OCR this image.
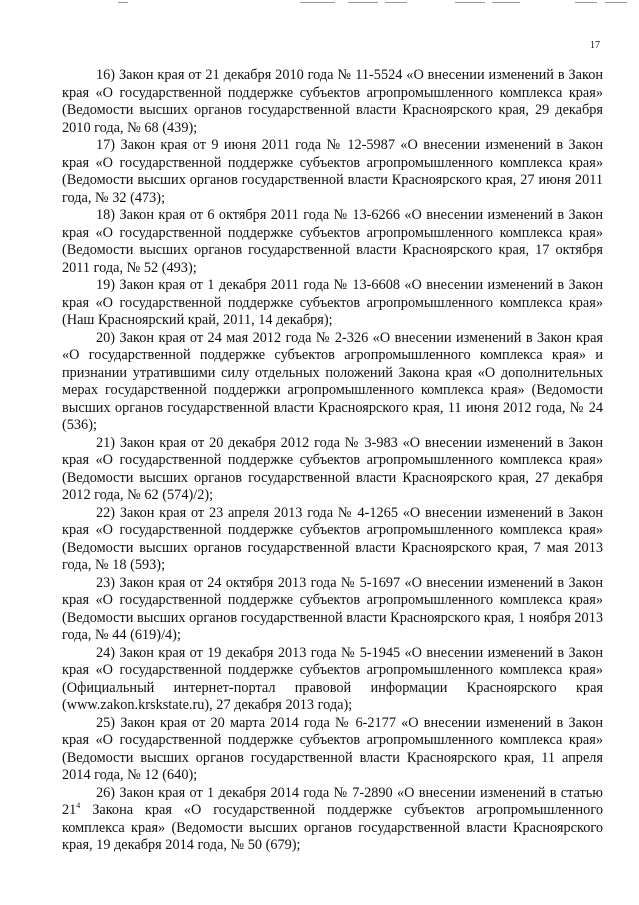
17

16) Закон края от 21 декабря 2010 года № 11-5524 «О внесении изменений в Закон края «О государственной поддержке субъектов агропромышленного комплекса края» (Ведомости высших органов государственной власти Красноярского края, 29 декабря 2010 года, № 68 (439);

17) Закон края от 9 июня 2011 года № 12-5987 «О внесении изменений в Закон края «О государственной поддержке субъектов агропромышленного комплекса края» (Ведомости высших органов государственной власти Красноярского края, 27 июня 2011 года, № 32 (473);

18) Закон края от 6 октября 2011 года № 13-6266 «О внесении изменений в Закон края «О государственной поддержке субъектов агропромышленного комплекса края» (Ведомости высших органов государственной власти Красноярского края, 17 октября 2011 года, № 52 (493);

19) Закон края от 1 декабря 2011 года № 13-6608 «О внесении изменений в Закон края «О государственной поддержке субъектов агропромышленного комплекса края» (Наш Красноярский край, 2011, 14 декабря);

20) Закон края от 24 мая 2012 года № 2-326 «О внесении изменений в Закон края «О государственной поддержке субъектов агропромышленного комплекса края» и признании утратившими силу отдельных положений Закона края «О дополнительных мерах государственной поддержки агропромышленного комплекса края» (Ведомости высших органов государственной власти Красноярского края, 11 июня 2012 года, № 24 (536);

21) Закон края от 20 декабря 2012 года № 3-983 «О внесении изменений в Закон края «О государственной поддержке субъектов агропромышленного комплекса края» (Ведомости высших органов государственной власти Красноярского края, 27 декабря 2012 года, № 62 (574)/2);

22) Закон края от 23 апреля 2013 года № 4-1265 «О внесении изменений в Закон края «О государственной поддержке субъектов агропромышленного комплекса края» (Ведомости высших органов государственной власти Красноярского края, 7 мая 2013 года, № 18 (593);

23) Закон края от 24 октября 2013 года № 5-1697 «О внесении изменений в Закон края «О государственной поддержке субъектов агропромышленного комплекса края» (Ведомости высших органов государственной власти Красноярского края, 1 ноября 2013 года, № 44 (619)/4);

24) Закон края от 19 декабря 2013 года № 5-1945 «О внесении изменений в Закон края «О государственной поддержке субъектов агропромышленного комплекса края» (Официальный интернет-портал правовой информации Красноярского края (www.zakon.krskstate.ru), 27 декабря 2013 года);

25) Закон края от 20 марта 2014 года № 6-2177 «О внесении изменений в Закон края «О государственной поддержке субъектов агропромышленного комплекса края» (Ведомости высших органов государственной власти Красноярского края, 11 апреля 2014 года, № 12 (640);

26) Закон края от 1 декабря 2014 года № 7-2890 «О внесении изменений в статью $21^4$ Закона края «О государственной поддержке субъектов агропромышленного комплекса края» (Ведомости высших органов государственной власти Красноярского края, 19 декабря 2014 года, № 50 (679);
